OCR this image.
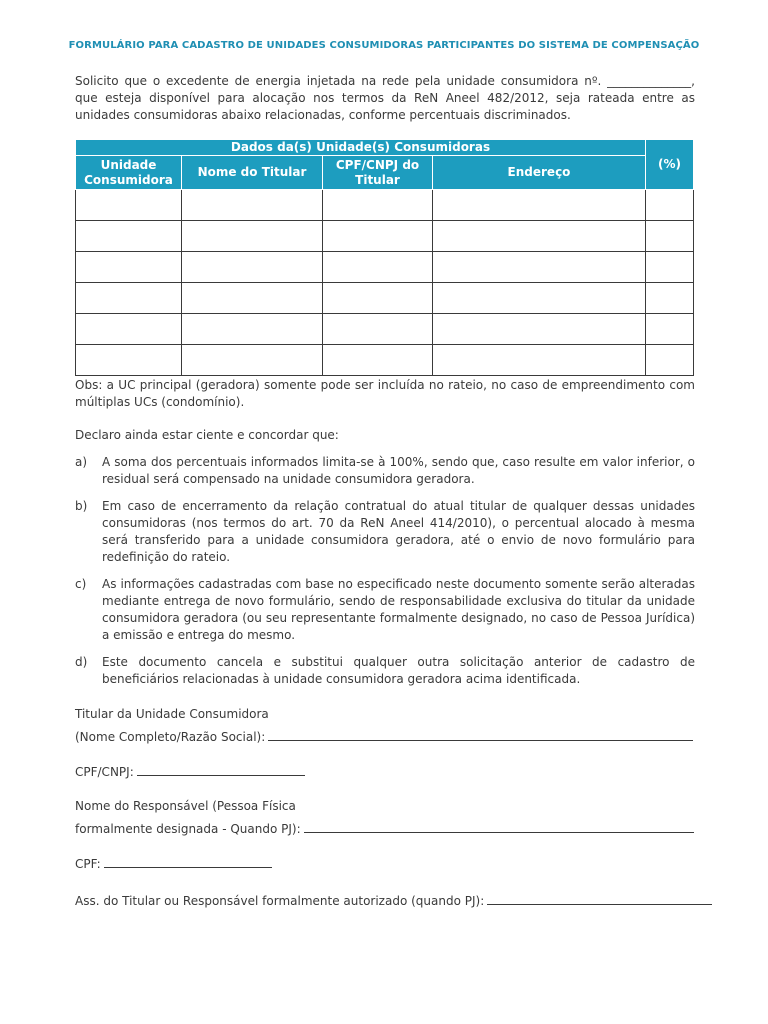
FORMULÁRIO PARA CADASTRO DE UNIDADES CONSUMIDORAS PARTICIPANTES DO SISTEMA DE COMPENSAÇÃO
Solicito que o excedente de energia injetada na rede pela unidade consumidora nº. ______________, que esteja disponível para alocação nos termos da ReN Aneel 482/2012, seja rateada entre as unidades consumidoras abaixo relacionadas, conforme percentuais discriminados.
Dados da(s) Unidade(s) Consumidoras				(%)
Unidade Consumidora	Nome do Titular	CPF/CNPJ do Titular	Endereço	

Obs: a UC principal (geradora) somente pode ser incluída no rateio, no caso de empreendimento com múltiplas UCs (condomínio).
Declaro ainda estar ciente e concordar que:
a)	A soma dos percentuais informados limita-se à 100%, sendo que, caso resulte em valor inferior, o residual será compensado na unidade consumidora geradora.
b)	Em caso de encerramento da relação contratual do atual titular de qualquer dessas unidades consumidoras (nos termos do art. 70 da ReN Aneel 414/2010), o percentual alocado à mesma será transferido para a unidade consumidora geradora, até o envio de novo formulário para redefinição do rateio.
c)	As informações cadastradas com base no especificado neste documento somente serão alteradas mediante entrega de novo formulário, sendo de responsabilidade exclusiva do titular da unidade consumidora geradora (ou seu representante formalmente designado, no caso de Pessoa Jurídica) a emissão e entrega do mesmo.
d)	Este documento cancela e substitui qualquer outra solicitação anterior de cadastro de beneficiários relacionadas à unidade consumidora geradora acima identificada.
Titular da Unidade Consumidora
(Nome Completo/Razão Social):
CPF/CNPJ:
Nome do Responsável (Pessoa Física
formalmente designada - Quando PJ):
CPF:
Ass. do Titular ou Responsável formalmente autorizado (quando PJ):
